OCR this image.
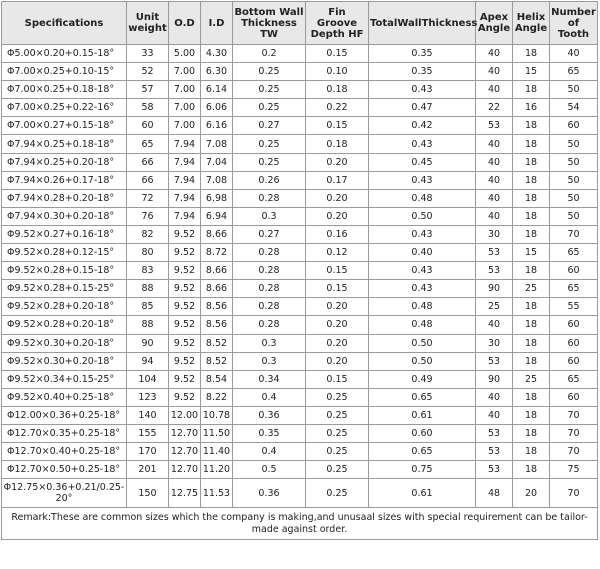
Specifications	Unit weight	O.D	I.D	Bottom Wall Thickness TW	Fin Groove Depth HF	TotalWallThickness	Apex Angle	Helix Angle	Number of Tooth
Φ5.00×0.20+0.15-18°	33	5.00	4.30	0.2	0.15	0.35	40	18	40
Φ7.00×0.25+0.10-15°	52	7.00	6.30	0.25	0.10	0.35	40	15	65
Φ7.00×0.25+0.18-18°	57	7.00	6.14	0.25	0.18	0.43	40	18	50
Φ7.00×0.25+0.22-16°	58	7.00	6.06	0.25	0.22	0.47	22	16	54
Φ7.00×0.27+0.15-18°	60	7.00	6.16	0.27	0.15	0.42	53	18	60
Φ7.94×0.25+0.18-18°	65	7.94	7.08	0.25	0.18	0.43	40	18	50
Φ7.94×0.25+0.20-18°	66	7.94	7.04	0.25	0.20	0.45	40	18	50
Φ7.94×0.26+0.17-18°	66	7.94	7.08	0.26	0.17	0.43	40	18	50
Φ7.94×0.28+0.20-18°	72	7.94	6.98	0.28	0.20	0.48	40	18	50
Φ7.94×0.30+0.20-18°	76	7.94	6.94	0.3	0.20	0.50	40	18	50
Φ9.52×0.27+0.16-18°	82	9.52	8.66	0.27	0.16	0.43	30	18	70
Φ9.52×0.28+0.12-15°	80	9.52	8.72	0.28	0.12	0.40	53	15	65
Φ9.52×0.28+0.15-18°	83	9.52	8.66	0.28	0.15	0.43	53	18	60
Φ9.52×0.28+0.15-25°	88	9.52	8.66	0.28	0.15	0.43	90	25	65
Φ9.52×0.28+0.20-18°	85	9.52	8.56	0.28	0.20	0.48	25	18	55
Φ9.52×0.28+0.20-18°	88	9.52	8.56	0.28	0.20	0.48	40	18	60
Φ9.52×0.30+0.20-18°	90	9.52	8.52	0.3	0.20	0.50	30	18	60
Φ9.52×0.30+0.20-18°	94	9.52	8.52	0.3	0.20	0.50	53	18	60
Φ9.52×0.34+0.15-25°	104	9.52	8.54	0.34	0.15	0.49	90	25	65
Φ9.52×0.40+0.25-18°	123	9.52	8.22	0.4	0.25	0.65	40	18	60
Φ12.00×0.36+0.25-18°	140	12.00	10.78	0.36	0.25	0.61	40	18	70
Φ12.70×0.35+0.25-18°	155	12.70	11.50	0.35	0.25	0.60	53	18	70
Φ12.70×0.40+0.25-18°	170	12.70	11.40	0.4	0.25	0.65	53	18	70
Φ12.70×0.50+0.25-18°	201	12.70	11.20	0.5	0.25	0.75	53	18	75
Φ12.75×0.36+0.21/0.25-20°	150	12.75	11.53	0.36	0.25	0.61	48	20	70
Remark:These are common sizes which the company is making,and unusaal sizes with special requirement can be tailor-made against order.									
